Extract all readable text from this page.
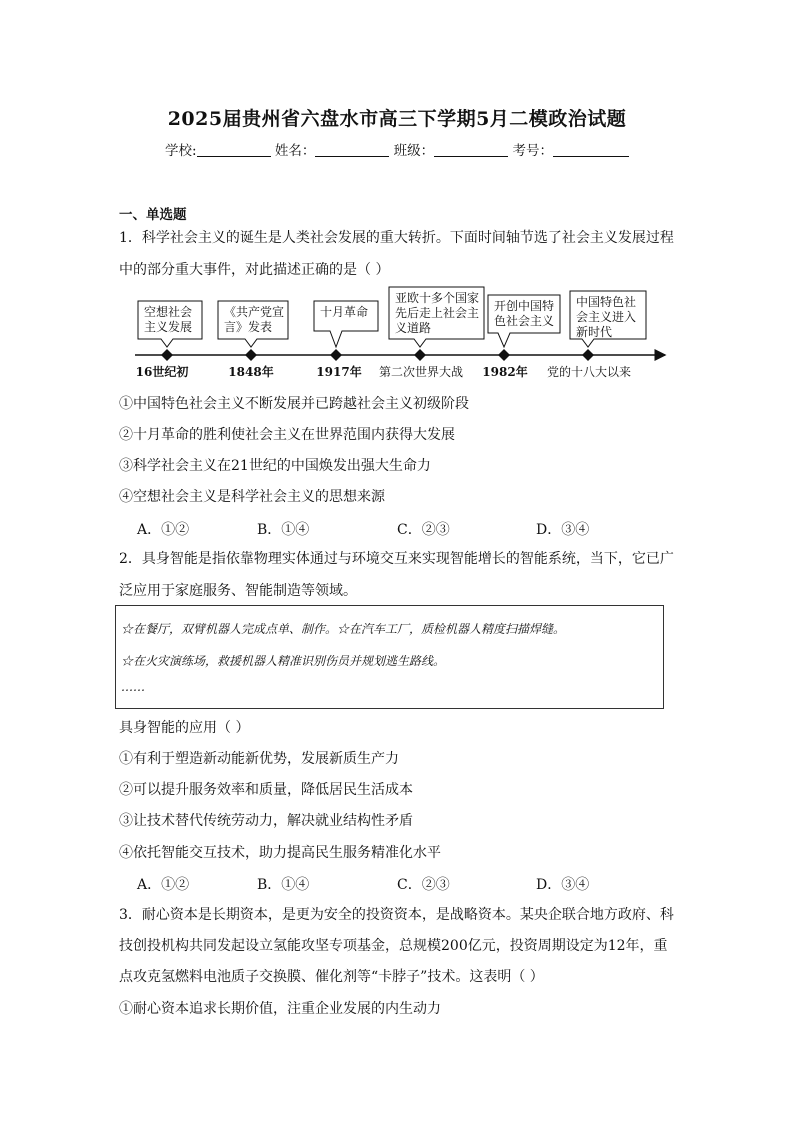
2025届贵州省六盘水市高三下学期5月二模政治试题
学校:	姓名：	班级：	考号：
一、单选题
1．科学社会主义的诞生是人类社会发展的重大转折。下面时间轴节选了社会主义发展过程
中的部分重大事件，对此描述正确的是（ ）
空想社会
主义发展
16世纪初
《共产党宣
言》发表
1848年
十月革命
1917年
亚欧十多个国家
先后走上社会主
义道路
第二次世界大战
开创中国特
色社会主义
1982年
中国特色社
会主义进入
新时代
党的十八大以来
①中国特色社会主义不断发展并已跨越社会主义初级阶段
②十月革命的胜利使社会主义在世界范围内获得大发展
③科学社会主义在21世纪的中国焕发出强大生命力
④空想社会主义是科学社会主义的思想来源
A．①②	B．①④	C．②③	D．③④
2．具身智能是指依靠物理实体通过与环境交互来实现智能增长的智能系统，当下，它已广
泛应用于家庭服务、智能制造等领域。
☆在餐厅，双臂机器人完成点单、制作。☆在汽车工厂，质检机器人精度扫描焊缝。
☆在火灾演练场，救援机器人精准识别伤员并规划逃生路线。
……
具身智能的应用（ ）
①有利于塑造新动能新优势，发展新质生产力
②可以提升服务效率和质量，降低居民生活成本
③让技术替代传统劳动力，解决就业结构性矛盾
④依托智能交互技术，助力提高民生服务精准化水平
A．①②	B．①④	C．②③	D．③④
3．耐心资本是长期资本，是更为安全的投资资本，是战略资本。某央企联合地方政府、科
技创投机构共同发起设立氢能攻坚专项基金，总规模200亿元，投资周期设定为12年，重
点攻克氢燃料电池质子交换膜、催化剂等“卡脖子”技术。这表明（ ）
①耐心资本追求长期价值，注重企业发展的内生动力
